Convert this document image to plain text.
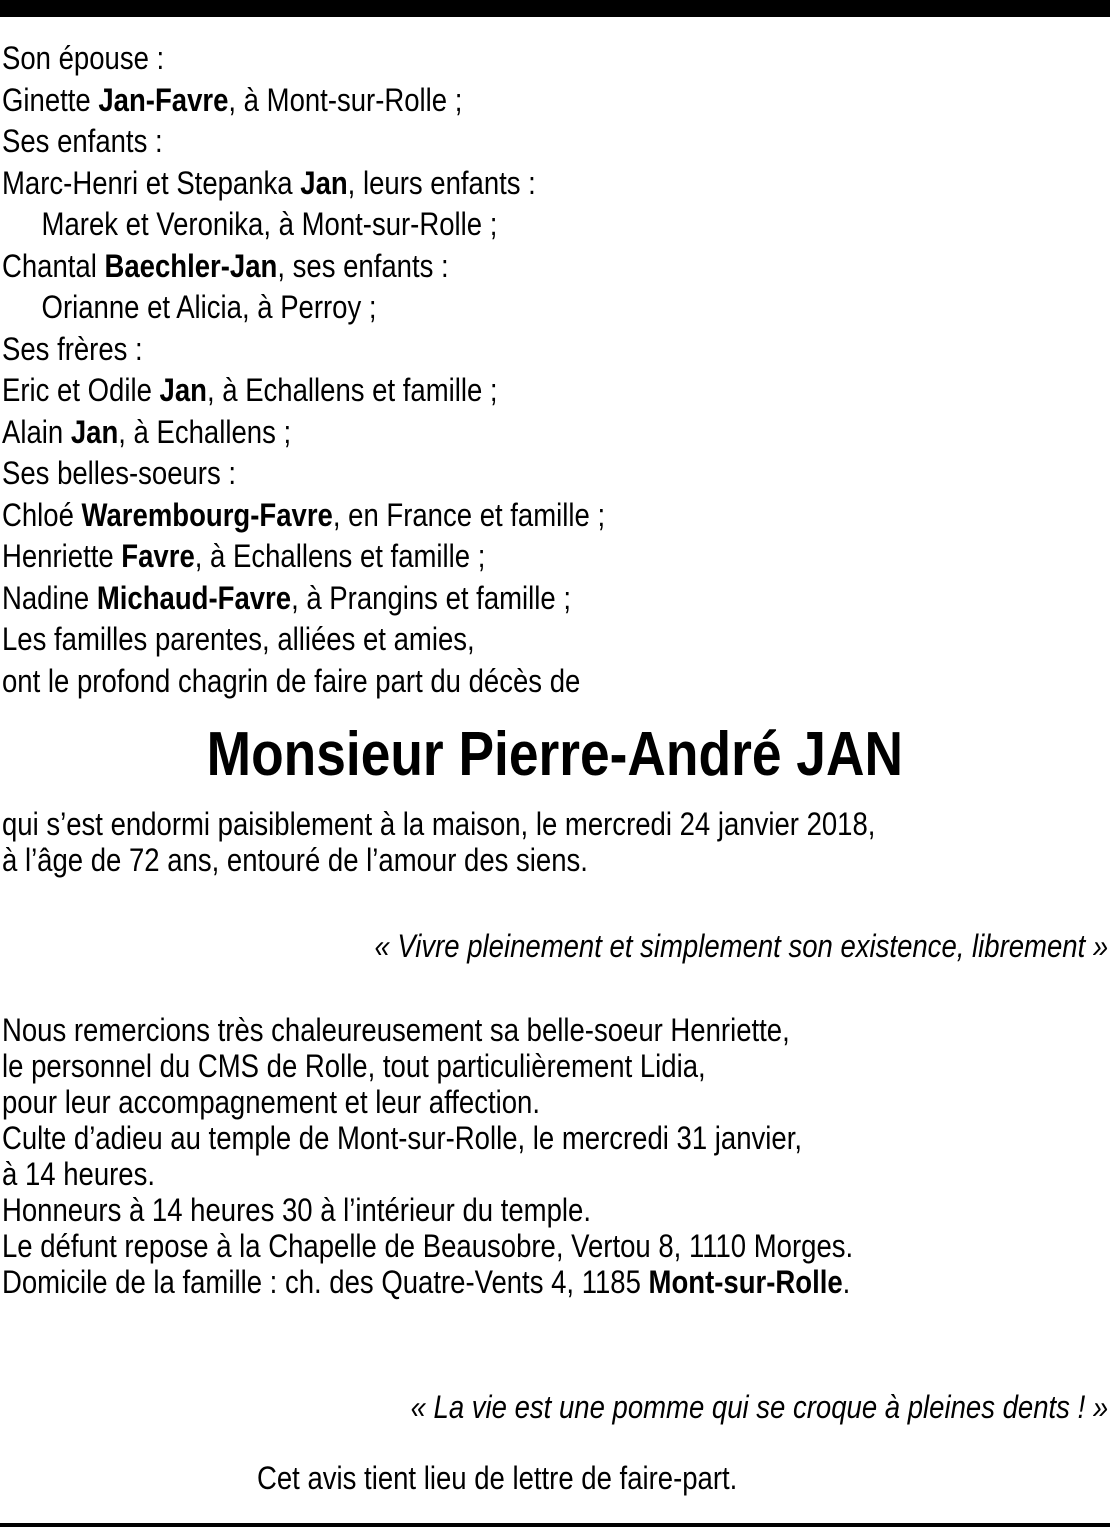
Son épouse :
Ginette Jan-Favre, à Mont-sur-Rolle ;
Ses enfants :
Marc-Henri et Stepanka Jan, leurs enfants :
Marek et Veronika, à Mont-sur-Rolle ;
Chantal Baechler-Jan, ses enfants :
Orianne et Alicia, à Perroy ;
Ses frères :
Eric et Odile Jan, à Echallens et famille ;
Alain Jan, à Echallens ;
Ses belles-soeurs :
Chloé Warembourg-Favre, en France et famille ;
Henriette Favre, à Echallens et famille ;
Nadine Michaud-Favre, à Prangins et famille ;
Les familles parentes, alliées et amies,
ont le profond chagrin de faire part du décès de
Monsieur Pierre-André JAN
qui s’est endormi paisiblement à la maison, le mercredi 24 janvier 2018,
à l’âge de 72 ans, entouré de l’amour des siens.
« Vivre pleinement et simplement son existence, librement »
Nous remercions très chaleureusement sa belle-soeur Henriette,
le personnel du CMS de Rolle, tout particulièrement Lidia,
pour leur accompagnement et leur affection.
Culte d’adieu au temple de Mont-sur-Rolle, le mercredi 31 janvier,
à 14 heures.
Honneurs à 14 heures 30 à l’intérieur du temple.
Le défunt repose à la Chapelle de Beausobre, Vertou 8, 1110 Morges.
Domicile de la famille : ch. des Quatre-Vents 4, 1185 Mont-sur-Rolle.
« La vie est une pomme qui se croque à pleines dents ! »
Cet avis tient lieu de lettre de faire-part.
